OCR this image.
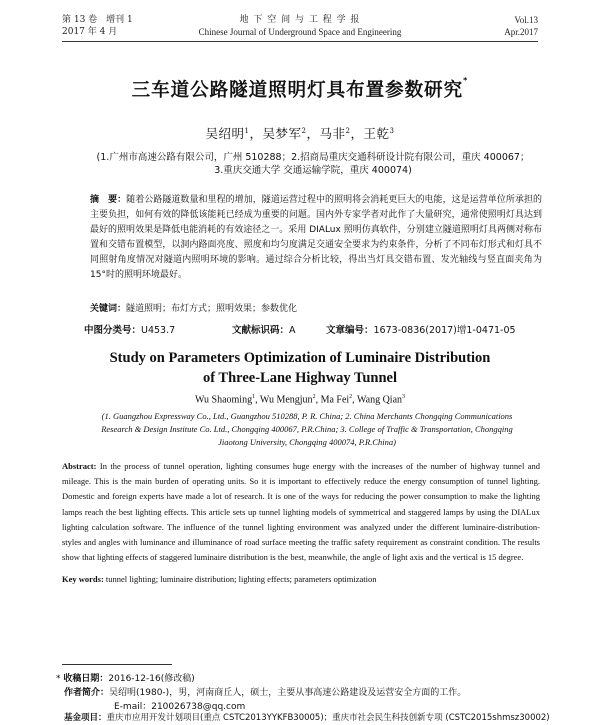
第 13 卷　增刊 1
2017 年 4 月
地 下 空 间 与 工 程 学 报
Chinese Journal of Underground Space and Engineering
Vol.13
Apr.2017
三车道公路隧道照明灯具布置参数研究*
吴绍明$^1$，吴梦军$^2$，马非$^2$，王乾$^3$
(1.广州市高速公路有限公司，广州 510288；2.招商局重庆交通科研设计院有限公司，重庆 400067；
3.重庆交通大学 交通运输学院，重庆 400074)
摘　要：随着公路隧道数量和里程的增加，隧道运营过程中的照明将会消耗更巨大的电能，这是运营单位所承担的主要负担，如何有效的降低该能耗已经成为重要的问题。国内外专家学者对此作了大量研究，通常使照明灯具达到最好的照明效果是降低电能消耗的有效途径之一。采用 DIALux 照明仿真软件，分别建立隧道照明灯具两侧对称布置和交错布置模型，以洞内路面亮度、照度和均匀度满足交通安全要求为约束条件，分析了不同布灯形式和灯具不同照射角度情况对隧道内照明环境的影响。通过综合分析比较，得出当灯具交错布置、发光轴线与竖直面夹角为 15°时的照明环境最好。
关键词：隧道照明；布灯方式；照明效果；参数优化
中图分类号：U453.7	文献标识码：A	文章编号：1673-0836(2017)增1-0471-05
Study on Parameters Optimization of Luminaire Distribution
of Three-Lane Highway Tunnel
Wu Shaoming$^1$, Wu Mengjun$^2$, Ma Fei$^2$, Wang Qian$^3$
(1. Guangzhou Expressway Co., Ltd., Guangzhou 510288, P. R. China; 2. China Merchants Chongqing Communications Research & Design Institute Co. Ltd., Chongqing 400067, P.R.China; 3. College of Traffic & Transportation, Chongqing Jiaotong University, Chongqing 400074, P.R.China)
Abstract: In the process of tunnel operation, lighting consumes huge energy with the increases of the number of highway tunnel and mileage. This is the main burden of operating units. So it is important to effectively reduce the energy consumption of tunnel lighting. Domestic and foreign experts have made a lot of research. It is one of the ways for reducing the power consumption to make the lighting lamps reach the best lighting effects. This article sets up tunnel lighting models of symmetrical and staggered lamps by using the DIALux lighting calculation software. The influence of the tunnel lighting environment was analyzed under the different luminaire-distribution-styles and angles with luminance and illuminance of road surface meeting the traffic safety requirement as constraint condition. The results show that lighting effects of staggered luminaire distribution is the best, meanwhile, the angle of light axis and the vertical is 15 degree.
Key words: tunnel lighting; luminaire distribution; lighting effects; parameters optimization
* 收稿日期：2016-12-16(修改稿)
作者简介：吴绍明(1980-)，男，河南商丘人，硕士，主要从事高速公路建设及运营安全方面的工作。
E-mail：210026738@qq.com
基金项目：重庆市应用开发计划项目(重点 CSTC2013YYKFB30005)；重庆市社会民生科技创新专项 (CSTC2015shmsz30002)
